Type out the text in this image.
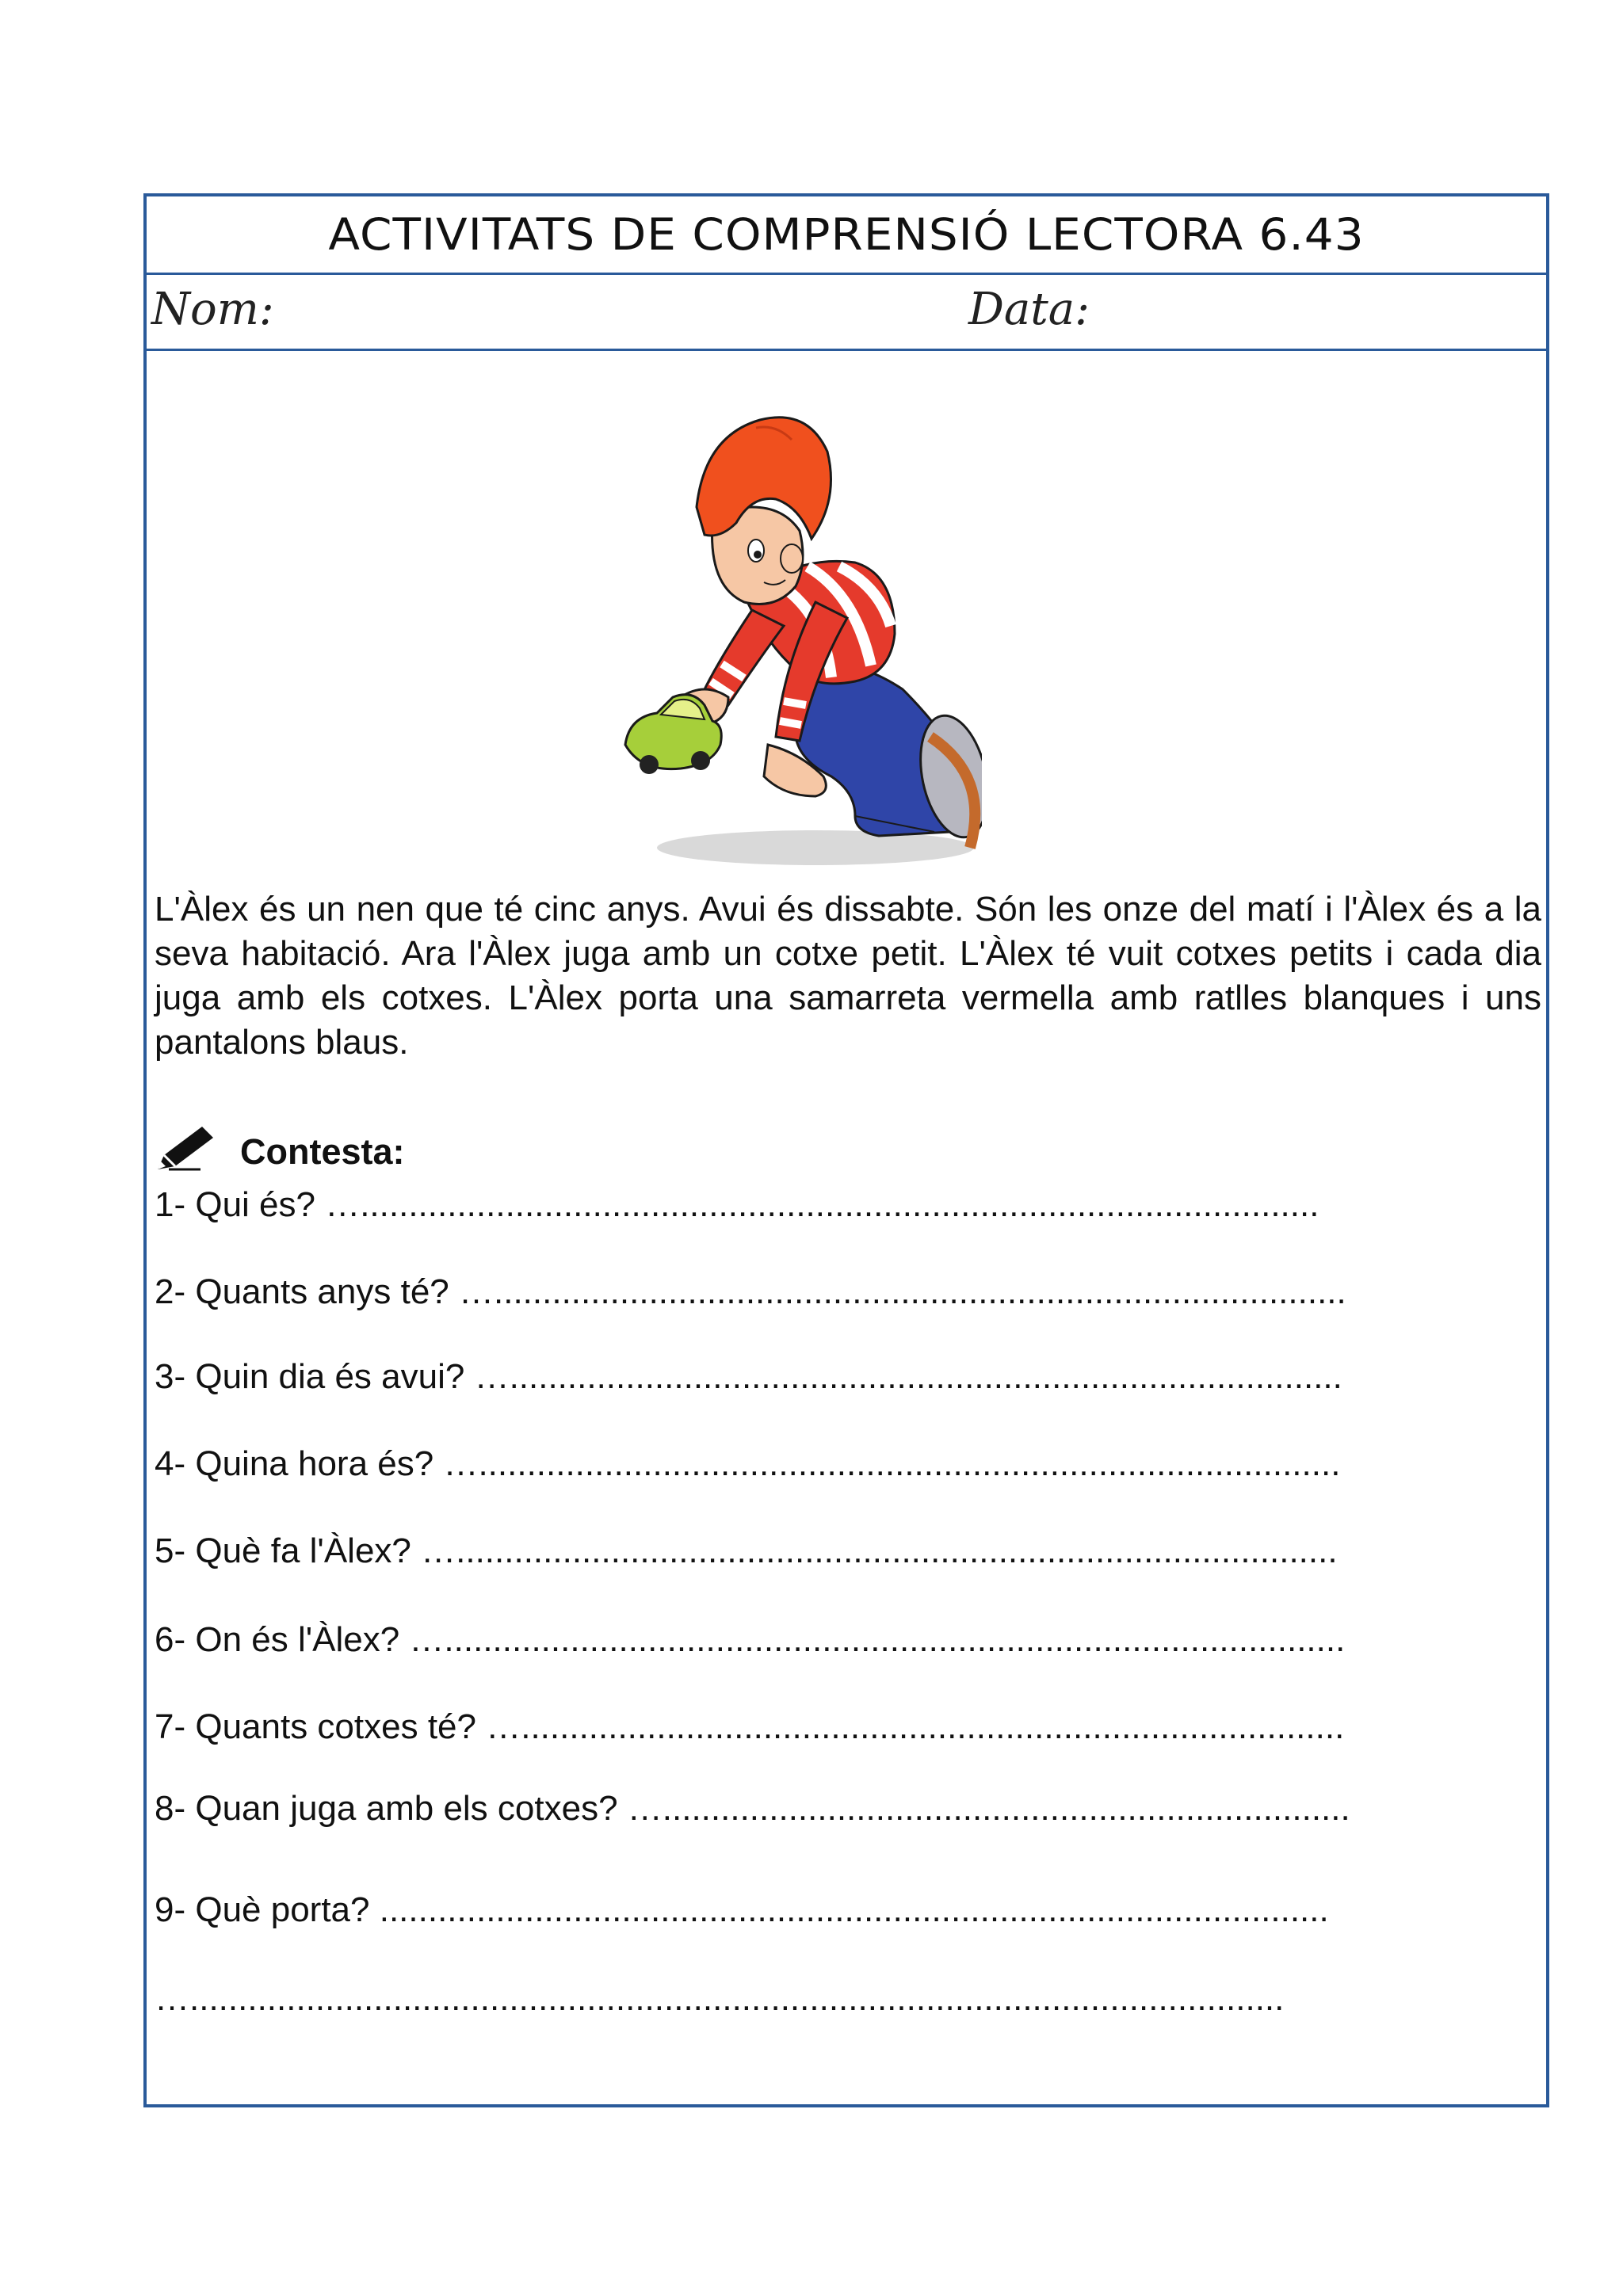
ACTIVITATS DE COMPRENSIÓ LECTORA 6.43
Nom:	Data:
L'Àlex és un nen que té cinc anys. Avui és dissabte. Són les onze del matí i l'Àlex és a la seva habitació. Ara l'Àlex juga amb un cotxe petit. L'Àlex té vuit cotxes petits i cada dia juga amb els cotxes. L'Àlex porta una samarreta vermella amb ratlles blanques i uns pantalons blaus.
Contesta:
1- Qui és? …...................................................................................................
2- Quants anys té? …........................................................................................
3- Quin dia és avui? …......................................................................................
4- Quina hora és? ….........................................................................................
5- Què fa l'Àlex? …...........................................................................................
6- On és l'Àlex? ….............................................................................................
7- Quants cotxes té? ….....................................................................................
8- Quan juga amb els cotxes? ….......................................................................
9- Què porta? ..................................................................................................
….................................................................................................................
